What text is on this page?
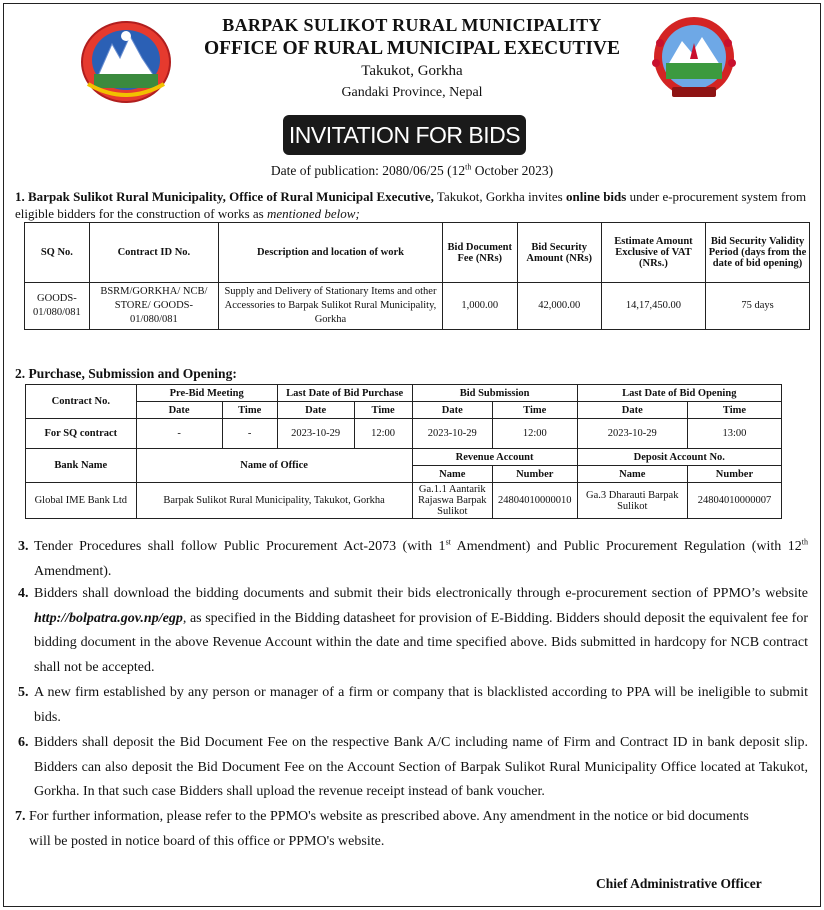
BARPAK SULIKOT RURAL MUNICIPALITY
OFFICE OF RURAL MUNICIPAL EXECUTIVE
Takukot, Gorkha
Gandaki Province, Nepal
INVITATION FOR BIDS
Date of publication: 2080/06/25 (12th October 2023)
1. Barpak Sulikot Rural Municipality, Office of Rural Municipal Executive, Takukot, Gorkha invites online bids under e-procurement system from eligible bidders for the construction of works as mentioned below;
SQ No.	Contract ID No.	Description and location of work	Bid Document Fee (NRs)	Bid Security Amount (NRs)	Estimate Amount Exclusive of VAT (NRs.)	Bid Security Validity Period (days from the date of bid opening)
GOODS-01/080/081	BSRM/GORKHA/ NCB/ STORE/ GOODS-01/080/081	Supply and Delivery of Stationary Items and other Accessories to Barpak Sulikot Rural Municipality, Gorkha	1,000.00	42,000.00	14,17,450.00	75 days
2. Purchase, Submission and Opening:
Contract No.	Pre-Bid Meeting		Last Date of Bid Purchase		Bid Submission		Last Date of Bid Opening	
	Date	Time	Date	Time	Date	Time	Date	Time
For SQ contract	-	-	2023-10-29	12:00	2023-10-29	12:00	2023-10-29	13:00
Bank Name	Name of Office				Revenue Account		Deposit Account No.	
					Name	Number	Name	Number
Global IME Bank Ltd	Barpak Sulikot Rural Municipality, Takukot, Gorkha				Ga.1.1 Aantarik Rajaswa Barpak Sulikot	24804010000010	Ga.3 Dharauti Barpak Sulikot	24804010000007
3. Tender Procedures shall follow Public Procurement Act-2073 (with 1st Amendment) and Public Procurement Regulation (with 12th Amendment).
4. Bidders shall download the bidding documents and submit their bids electronically through e-procurement section of PPMO’s website http://bolpatra.gov.np/egp, as specified in the Bidding datasheet for provision of E-Bidding. Bidders should deposit the equivalent fee for bidding document in the above Revenue Account within the date and time specified above. Bids submitted in hardcopy for NCB contract shall not be accepted.
5. A new firm established by any person or manager of a firm or company that is blacklisted according to PPA will be ineligible to submit bids.
6. Bidders shall deposit the Bid Document Fee on the respective Bank A/C including name of Firm and Contract ID in bank deposit slip. Bidders can also deposit the Bid Document Fee on the Account Section of Barpak Sulikot Rural Municipality Office located at Takukot, Gorkha. In that such case Bidders shall upload the revenue receipt instead of bank voucher.
7. For further information, please refer to the PPMO's website as prescribed above. Any amendment in the notice or bid documents
will be posted in notice board of this office or PPMO's website.
Chief Administrative Officer
